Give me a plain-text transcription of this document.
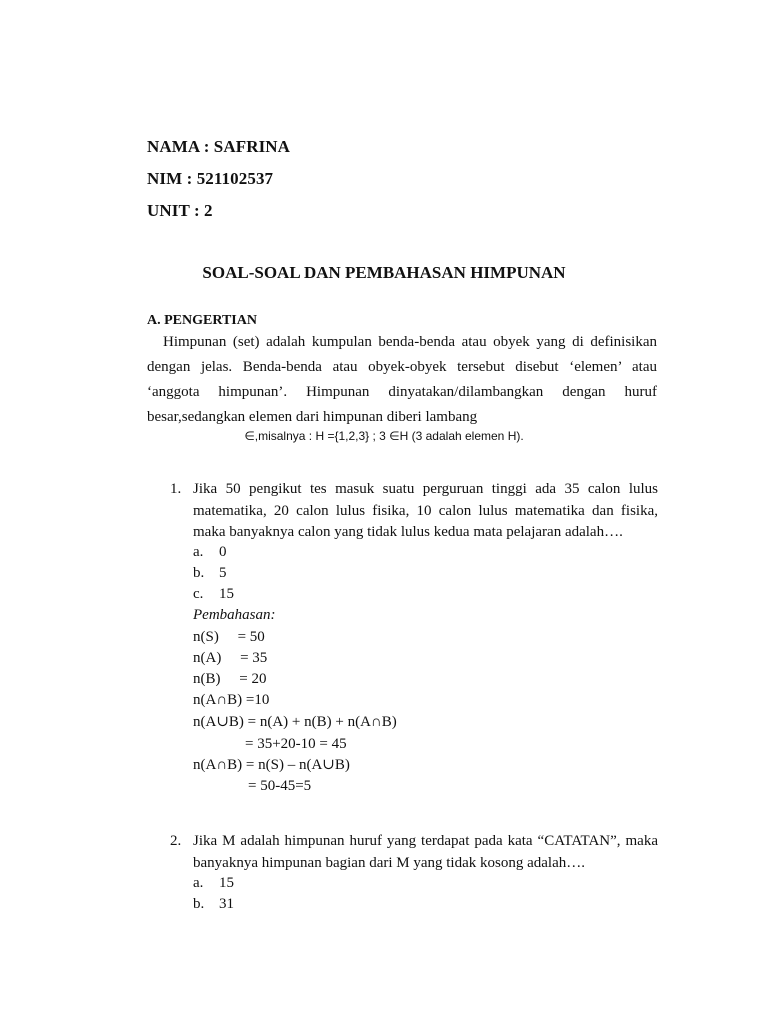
NAMA : SAFRINA
NIM : 521102537
UNIT : 2
SOAL-SOAL DAN PEMBAHASAN HIMPUNAN
A. PENGERTIAN

Himpunan (set) adalah kumpulan benda-benda atau obyek yang di definisikan dengan jelas. Benda-benda atau obyek-obyek tersebut disebut ‘elemen’ atau ‘anggota himpunan’. Himpunan dinyatakan/dilambangkan dengan huruf besar,sedangkan elemen dari himpunan diberi lambang

∈,misalnya : H ={1,2,3} ; 3 ∈H (3 adalah elemen H).
1. Jika 50 pengikut tes masuk suatu perguruan tinggi ada 35 calon lulus matematika, 20 calon lulus fisika, 10 calon lulus matematika dan fisika, maka banyaknya calon yang tidak lulus kedua mata pelajaran adalah….
a. 0
b. 5
c. 15
Pembahasan:
n(S)     = 50
n(A)     = 35
n(B)     = 20
n(A∩B) =10
n(A∪B) = n(A) + n(B) + n(A∩B)
= 35+20-10 = 45
n(A∩B) = n(S) – n(A∪B)
= 50-45=5
2. Jika M adalah himpunan huruf yang terdapat pada kata “CATATAN”, maka banyaknya himpunan bagian dari M yang tidak kosong adalah….
a. 15
b. 31
